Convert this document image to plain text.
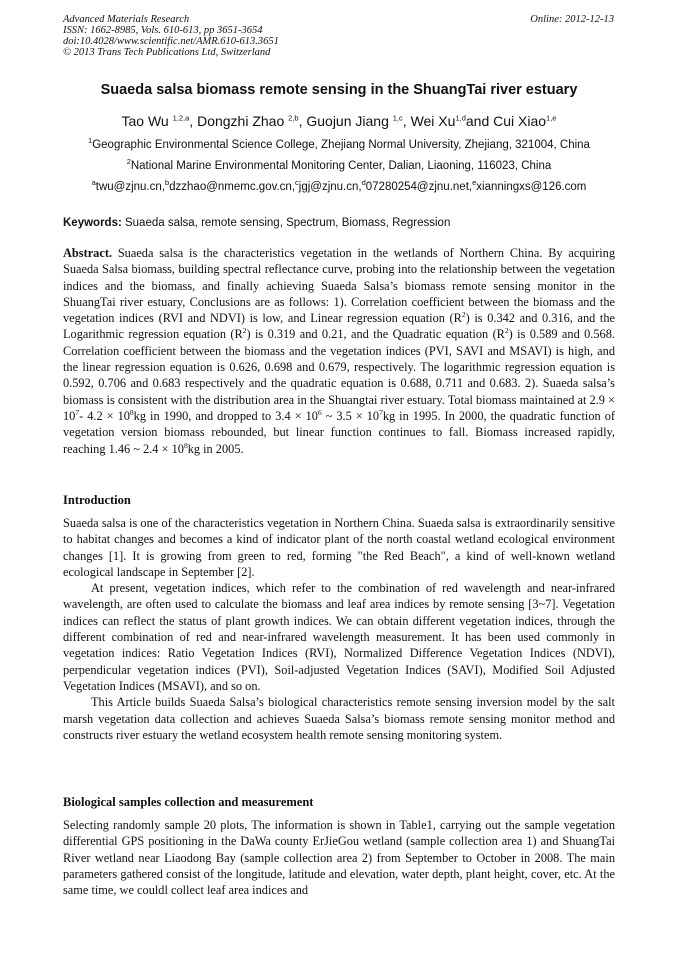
Advanced Materials Research
ISSN: 1662-8985, Vols. 610-613, pp 3651-3654
doi:10.4028/www.scientific.net/AMR.610-613.3651
© 2013 Trans Tech Publications Ltd, Switzerland
Online: 2012-12-13
Suaeda salsa biomass remote sensing in the ShuangTai river estuary
Tao Wu $^{1,2,a}$, Dongzhi Zhao $^{2,b}$, Guojun Jiang $^{1,c}$, Wei Xu$^{1,d}$and Cui Xiao$^{1,e}$
$^1$Geographic Environmental Science College, Zhejiang Normal University, Zhejiang, 321004, China
$^2$National Marine Environmental Monitoring Center, Dalian, Liaoning, 116023, China
$^a$twu@zjnu.cn,$^b$dzzhao@nmemc.gov.cn,$^c$jgj@zjnu.cn,$^d$07280254@zjnu.net,$^e$xianningxs@126.com
Keywords: Suaeda salsa, remote sensing, Spectrum, Biomass, Regression
Abstract. Suaeda salsa is the characteristics vegetation in the wetlands of Northern China. By acquiring Suaeda Salsa biomass, building spectral reflectance curve, probing into the relationship between the vegetation indices and the biomass, and finally achieving Suaeda Salsa’s biomass remote sensing monitor in the ShuangTai river estuary, Conclusions are as follows: 1). Correlation coefficient between the biomass and the vegetation indices (RVI and NDVI) is low, and Linear regression equation $(R^2)$ is 0.342 and 0.316, and the Logarithmic regression equation $(R^2)$ is 0.319 and 0.21, and the Quadratic equation $(R^2)$ is 0.589 and 0.568. Correlation coefficient between the biomass and the vegetation indices (PVI, SAVI and MSAVI) is high, and the linear regression equation is 0.626, 0.698 and 0.679, respectively. The logarithmic regression equation is 0.592, 0.706 and 0.683 respectively and the quadratic equation is 0.688, 0.711 and 0.683. 2). Suaeda salsa’s biomass is consistent with the distribution area in the Shuangtai river estuary. Total biomass maintained at $2.9 \times 10^7-$ $4.2 \times 10^8kg$ in 1990, and dropped to $3.4 \times 10^6$ ~ $3.5 \times 10^7kg$ in 1995. In 2000, the quadratic function of vegetation version biomass rebounded, but linear function continues to fall. Biomass increased rapidly, reaching 1.46 ~ $2.4 \times 10^8kg$ in 2005.
Introduction

Suaeda salsa is one of the characteristics vegetation in Northern China. Suaeda salsa is extraordinarily sensitive to habitat changes and becomes a kind of indicator plant of the north coastal wetland ecological environment changes [1]. It is growing from green to red, forming "the Red Beach", a kind of well-known wetland ecological landscape in September [2].

At present, vegetation indices, which refer to the combination of red wavelength and near-infrared wavelength, are often used to calculate the biomass and leaf area indices by remote sensing [3~7]. Vegetation indices can reflect the status of plant growth indices. We can obtain different vegetation indices, through the different combination of red and near-infrared wavelength measurement. It has been used commonly in vegetation indices: Ratio Vegetation Indices (RVI), Normalized Difference Vegetation Indices (NDVI), perpendicular vegetation indices (PVI), Soil-adjusted Vegetation Indices (SAVI), Modified Soil Adjusted Vegetation Indices (MSAVI), and so on.

This Article builds Suaeda Salsa’s biological characteristics remote sensing inversion model by the salt marsh vegetation data collection and achieves Suaeda Salsa’s biomass remote sensing monitor method and constructs river estuary the wetland ecosystem health remote sensing monitoring system.

Biological samples collection and measurement

Selecting randomly sample 20 plots, The information is shown in Table1, carrying out the sample vegetation differential GPS positioning in the DaWa county ErJieGou wetland (sample collection area 1) and ShuangTai River wetland near Liaodong Bay (sample collection area 2) from September to October in 2008. The main parameters gathered consist of the longitude, latitude and elevation, water depth, plant height, cover, etc. At the same time, we couldl collect leaf area indices and
